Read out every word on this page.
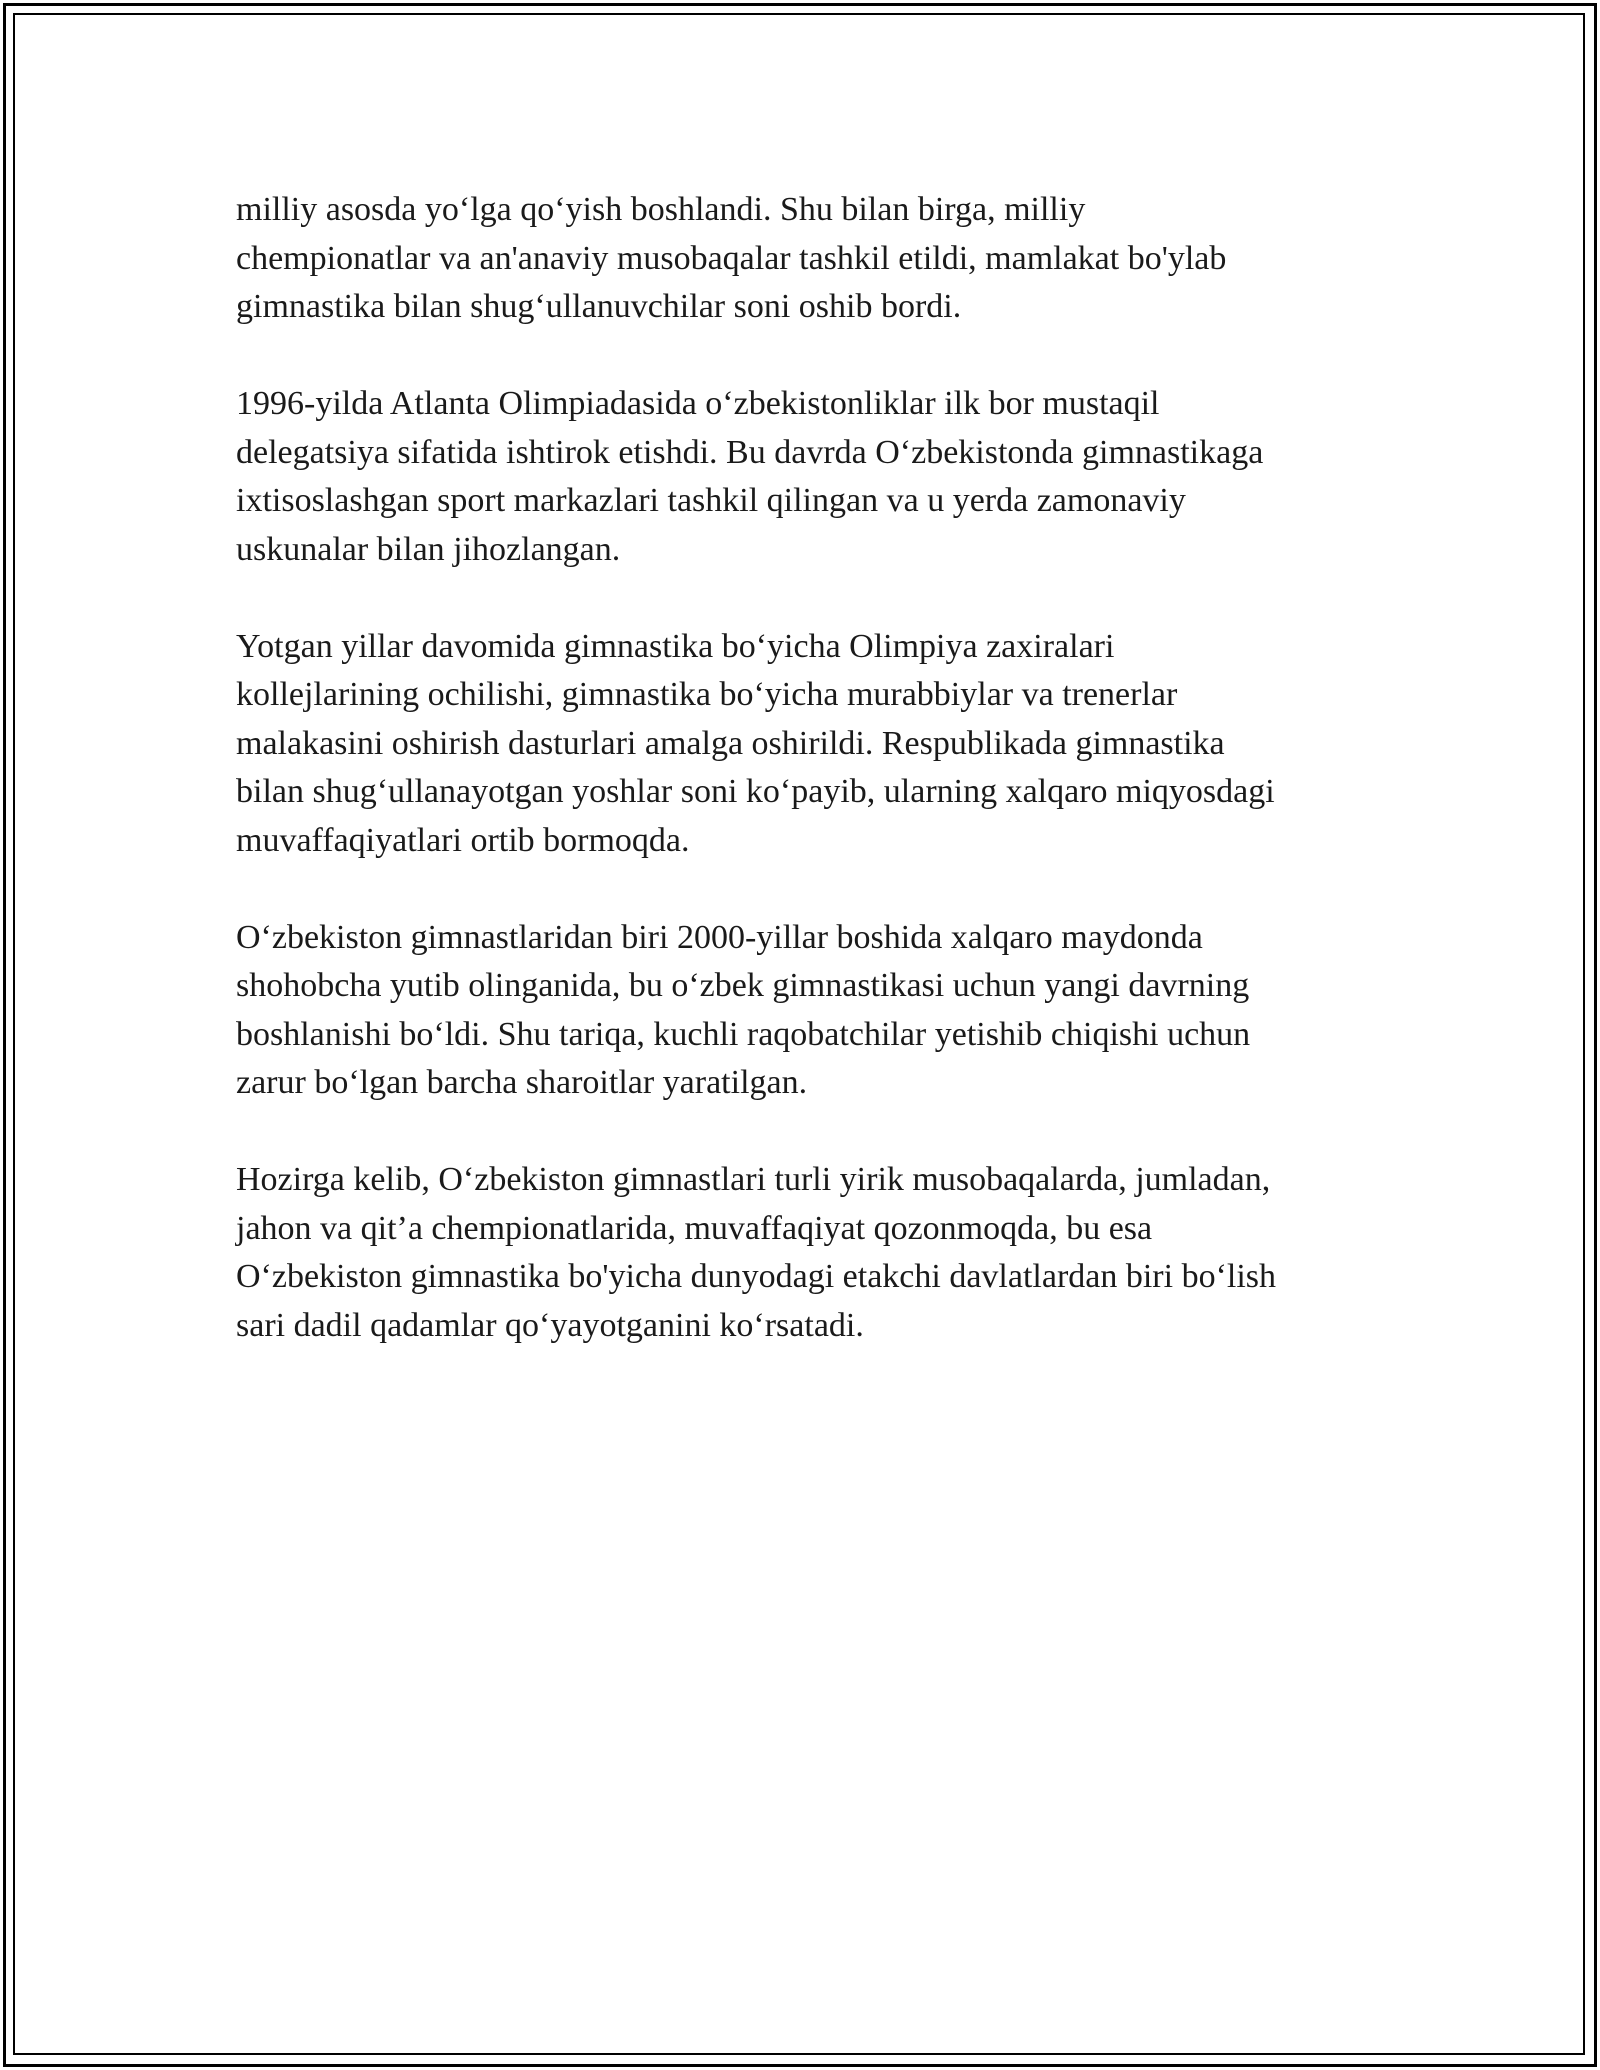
milliy asosda yo‘lga qo‘yish boshlandi. Shu bilan birga, milliy
chempionatlar va an'anaviy musobaqalar tashkil etildi, mamlakat bo'ylab
gimnastika bilan shug‘ullanuvchilar soni oshib bordi.

1996-yilda Atlanta Olimpiadasida o‘zbekistonliklar ilk bor mustaqil
delegatsiya sifatida ishtirok etishdi. Bu davrda O‘zbekistonda gimnastikaga
ixtisoslashgan sport markazlari tashkil qilingan va u yerda zamonaviy
uskunalar bilan jihozlangan.

Yotgan yillar davomida gimnastika bo‘yicha Olimpiya zaxiralari
kollejlarining ochilishi, gimnastika bo‘yicha murabbiylar va trenerlar
malakasini oshirish dasturlari amalga oshirildi. Respublikada gimnastika
bilan shug‘ullanayotgan yoshlar soni ko‘payib, ularning xalqaro miqyosdagi
muvaffaqiyatlari ortib bormoqda.

O‘zbekiston gimnastlaridan biri 2000-yillar boshida xalqaro maydonda
shohobcha yutib olinganida, bu o‘zbek gimnastikasi uchun yangi davrning
boshlanishi bo‘ldi. Shu tariqa, kuchli raqobatchilar yetishib chiqishi uchun
zarur bo‘lgan barcha sharoitlar yaratilgan.

Hozirga kelib, O‘zbekiston gimnastlari turli yirik musobaqalarda, jumladan,
jahon va qit’a chempionatlarida, muvaffaqiyat qozonmoqda, bu esa
O‘zbekiston gimnastika bo'yicha dunyodagi etakchi davlatlardan biri bo‘lish
sari dadil qadamlar qo‘yayotganini ko‘rsatadi.
